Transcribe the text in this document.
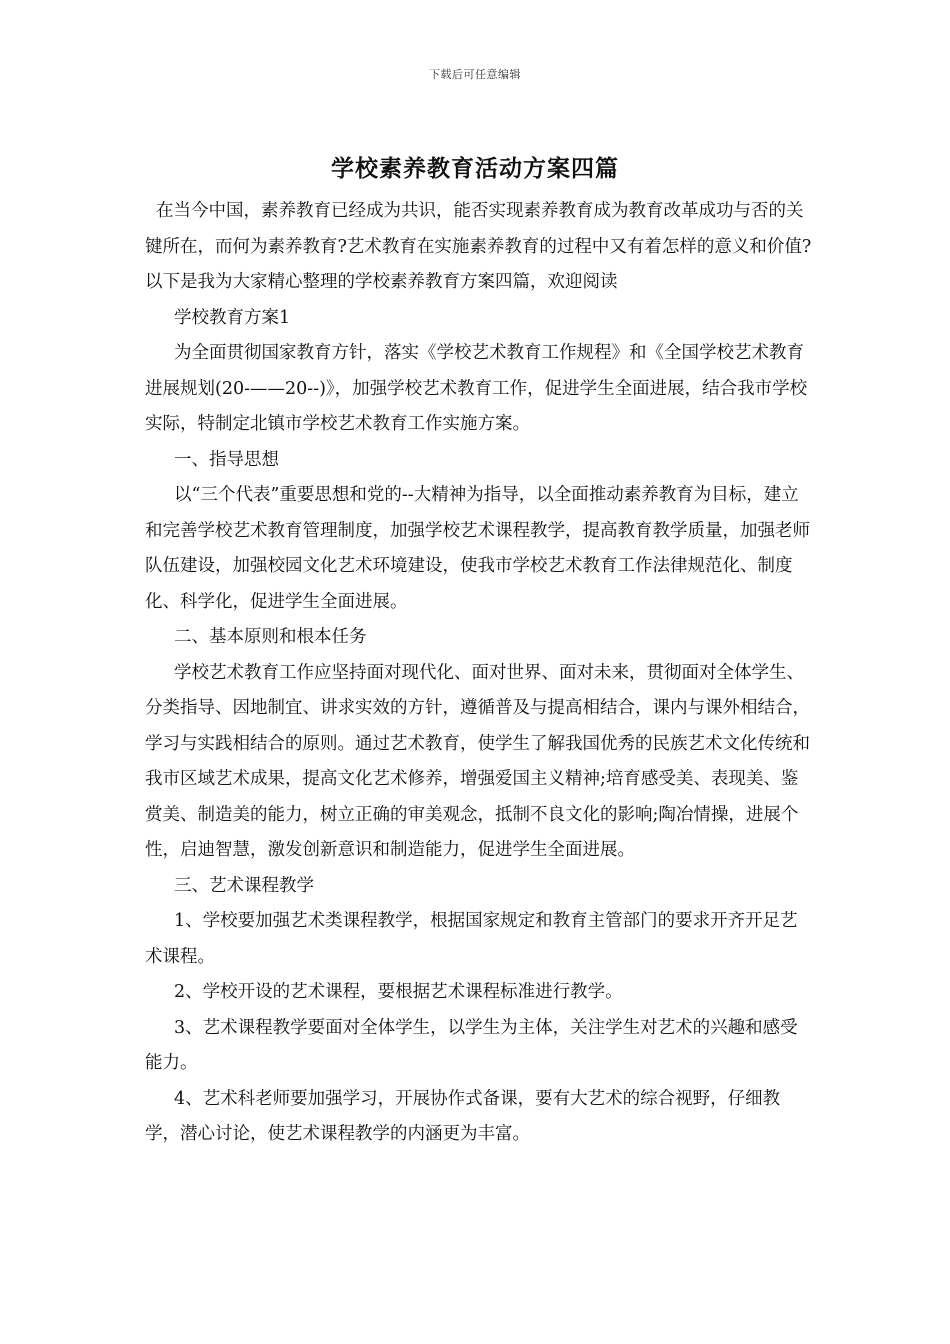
下载后可任意编辑
学校素养教育活动方案四篇

在当今中国，素养教育已经成为共识，能否实现素养教育成为教育改革成功与否的关键所在，而何为素养教育?艺术教育在实施素养教育的过程中又有着怎样的意义和价值?以下是我为大家精心整理的学校素养教育方案四篇，欢迎阅读

学校教育方案1

为全面贯彻国家教育方针，落实《学校艺术教育工作规程》和《全国学校艺术教育进展规划(20-——20--)》，加强学校艺术教育工作，促进学生全面进展，结合我市学校实际，特制定北镇市学校艺术教育工作实施方案。

一、指导思想

以“三个代表”重要思想和党的--大精神为指导，以全面推动素养教育为目标，建立和完善学校艺术教育管理制度，加强学校艺术课程教学，提高教育教学质量，加强老师队伍建设，加强校园文化艺术环境建设，使我市学校艺术教育工作法律规范化、制度化、科学化，促进学生全面进展。

二、基本原则和根本任务

学校艺术教育工作应坚持面对现代化、面对世界、面对未来，贯彻面对全体学生、分类指导、因地制宜、讲求实效的方针，遵循普及与提高相结合，课内与课外相结合，学习与实践相结合的原则。通过艺术教育，使学生了解我国优秀的民族艺术文化传统和我市区域艺术成果，提高文化艺术修养，增强爱国主义精神;培育感受美、表现美、鉴赏美、制造美的能力，树立正确的审美观念，抵制不良文化的影响;陶冶情操，进展个性，启迪智慧，激发创新意识和制造能力，促进学生全面进展。

三、艺术课程教学

1、学校要加强艺术类课程教学，根据国家规定和教育主管部门的要求开齐开足艺术课程。

2、学校开设的艺术课程，要根据艺术课程标准进行教学。

3、艺术课程教学要面对全体学生，以学生为主体，关注学生对艺术的兴趣和感受能力。

4、艺术科老师要加强学习，开展协作式备课，要有大艺术的综合视野，仔细教学，潜心讨论，使艺术课程教学的内涵更为丰富。
